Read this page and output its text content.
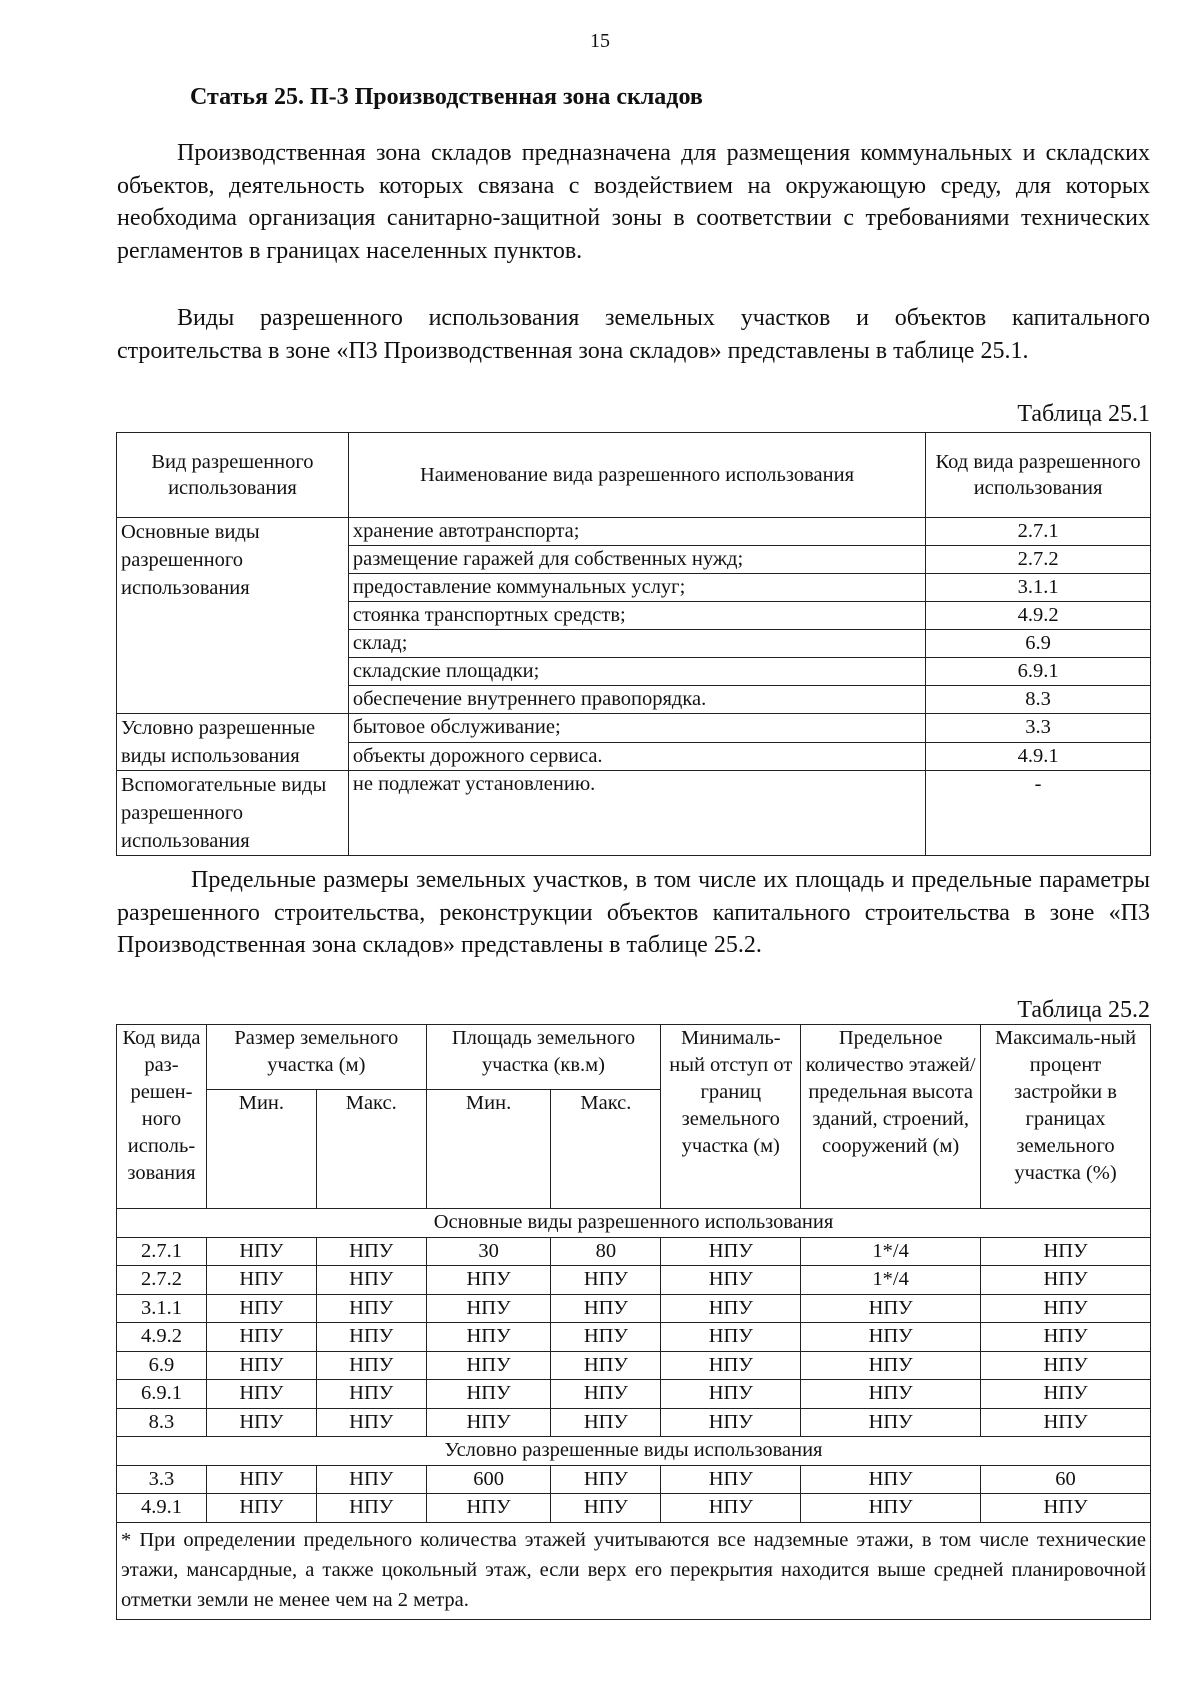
15
Статья 25. П-3 Производственная зона складов

Производственная зона складов предназначена для размещения коммунальных и складских объектов, деятельность которых связана с воздействием на окружающую среду, для которых необходима организация санитарно-защитной зоны в соответствии с требованиями технических регламентов в границах населенных пунктов.

Виды разрешенного использования земельных участков и объектов капитального строительства в зоне «П3 Производственная зона складов» представлены в таблице 25.1.

Таблица 25.1
Вид разрешенного использования	Наименование вида разрешенного использования	Код вида разрешенного использования
Основные виды разрешенного использования	хранение автотранспорта;	2.7.1
	размещение гаражей для собственных нужд;	2.7.2
	предоставление коммунальных услуг;	3.1.1
	стоянка транспортных средств;	4.9.2
	склад;	6.9
	складские площадки;	6.9.1
	обеспечение внутреннего правопорядка.	8.3
Условно разрешенные виды использования	бытовое обслуживание;	3.3
	объекты дорожного сервиса.	4.9.1
Вспомогательные виды разрешенного использования	не подлежат установлению.	-

Предельные размеры земельных участков, в том числе их площадь и предельные параметры разрешенного строительства, реконструкции объектов капитального строительства в зоне «П3 Производственная зона складов» представлены в таблице 25.2.

Таблица 25.2
Код вида раз-решен-ного исполь-зования	Размер земельного участка (м)		Площадь земельного участка (кв.м)		Минималь-ный отступ от границ земельного участка (м)	Предельное количество этажей/ предельная высота зданий, строений, сооружений (м)	Максималь-ный процент застройки в границах земельного участка (%)
	Мин.	Макс.	Мин.	Макс.			
Основные виды разрешенного использования							
2.7.1	НПУ	НПУ	30	80	НПУ	1*/4	НПУ
2.7.2	НПУ	НПУ	НПУ	НПУ	НПУ	1*/4	НПУ
3.1.1	НПУ	НПУ	НПУ	НПУ	НПУ	НПУ	НПУ
4.9.2	НПУ	НПУ	НПУ	НПУ	НПУ	НПУ	НПУ
6.9	НПУ	НПУ	НПУ	НПУ	НПУ	НПУ	НПУ
6.9.1	НПУ	НПУ	НПУ	НПУ	НПУ	НПУ	НПУ
8.3	НПУ	НПУ	НПУ	НПУ	НПУ	НПУ	НПУ
Условно разрешенные виды использования							
3.3	НПУ	НПУ	600	НПУ	НПУ	НПУ	60
4.9.1	НПУ	НПУ	НПУ	НПУ	НПУ	НПУ	НПУ
* При определении предельного количества этажей учитываются все надземные этажи, в том числе технические этажи, мансардные, а также цокольный этаж, если верх его перекрытия находится выше средней планировочной отметки земли не менее чем на 2 метра.							
